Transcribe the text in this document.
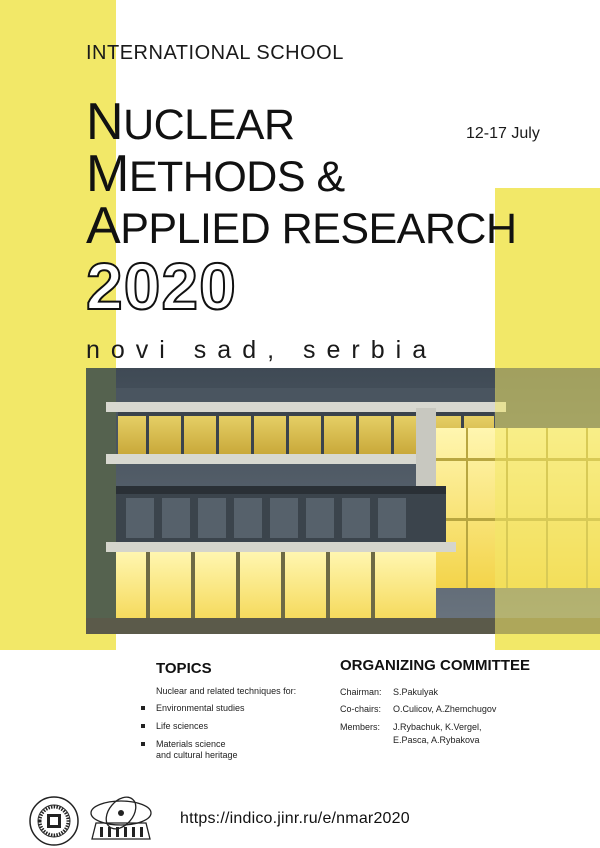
INTERNATIONAL SCHOOL
NUCLEAR
METHODS &
APPLIED RESEARCH
2020
12-17 July
novi sad, serbia
TOPICS
Nuclear and related techniques for:
Environmental studies
Life sciences
Materials science
and cultural heritage
ORGANIZING COMMITTEE
Chairman: S.Pakulyak
Co-chairs: O.Culicov, A.Zhemchugov
Members: J.Rybachuk, K.Vergel,
E.Pasca, A.Rybakova
https://indico.jinr.ru/e/nmar2020
